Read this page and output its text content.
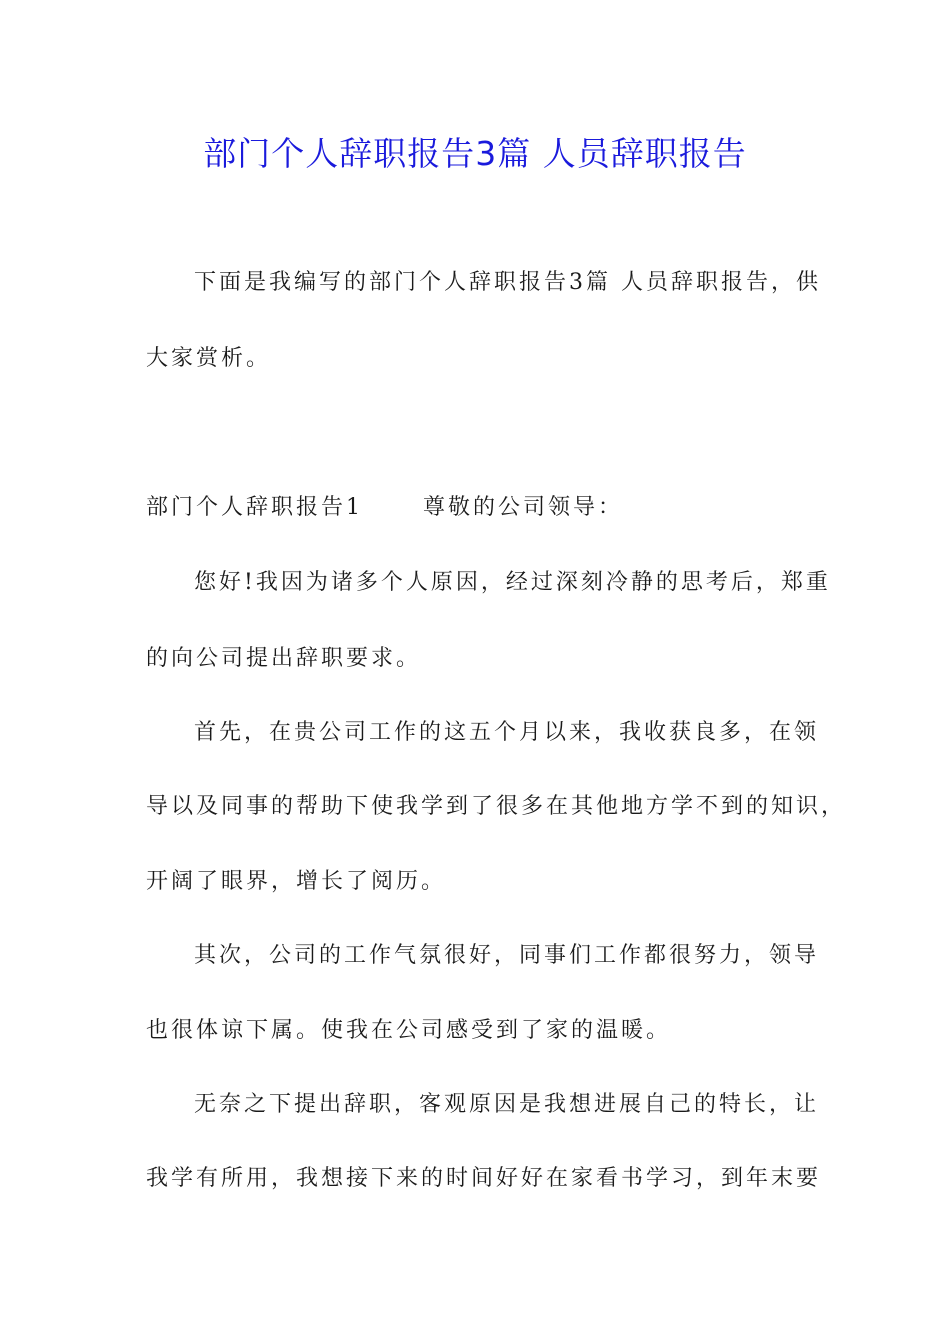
部门个人辞职报告3篇 人员辞职报告
下面是我编写的部门个人辞职报告3篇 人员辞职报告，供
大家赏析。
部门个人辞职报告1　　 尊敬的公司领导：
您好!我因为诸多个人原因，经过深刻冷静的思考后，郑重
的向公司提出辞职要求。
首先，在贵公司工作的这五个月以来，我收获良多，在领
导以及同事的帮助下使我学到了很多在其他地方学不到的知识，
开阔了眼界，增长了阅历。
其次，公司的工作气氛很好，同事们工作都很努力，领导
也很体谅下属。使我在公司感受到了家的温暖。
无奈之下提出辞职，客观原因是我想进展自己的特长，让
我学有所用，我想接下来的时间好好在家看书学习，到年末要
